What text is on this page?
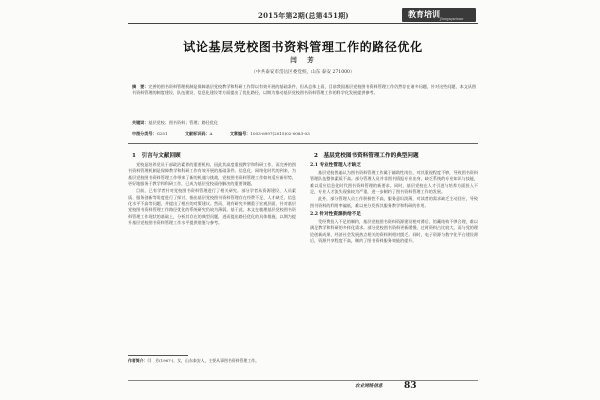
2015年第2期(总第451期)	教育培训 Jiaoyupeixun
试论基层党校图书资料管理工作的路径优化
闫　芳
（中共泰安市岱岳区委党校，山东 泰安 271000）
摘　要：完善的图书资料管理机制是保障基层党校教学和科研工作得以有效开展的基础条件，但从总体上看，目前我国基层党校图书资料管理工作仍然存在诸多问题，针对这些问题，本文从图书资料管理的制度建设、队伍建设、信息化建设等方面提出了优化路径，以期为推动基层党校图书资料管理工作的科学化发展提供参考。
关键词：基层党校；图书资料；管理；路径优化
中图分类号：G251	文献标识码：A	文章编号：1003-6997(2015)02-0083-03
1　引言与文献回顾

党校是培养党员干部政治素养的重要机构，因此其高度重视教学和科研工作，而完善的图书资料管理机制是保障教学和科研工作有效开展的基础条件。信息化、网络化时代的到来，为基层党校图书资料管理工作带来了新的机遇与挑战，党校图书资料管理工作如何适应新形势，更好地服务于教学和科研工作，已成为基层党校亟待解决的重要课题。

目前，已有学者针对党校图书资料管理进行了相关研究。部分学者从资源建设、人员素质、服务创新等角度进行了探讨，指出基层党校图书资料管理存在经费不足、人才缺乏、信息化水平不高等问题，并提出了相应的对策建议。然而，现有研究多侧重于宏观层面，针对基层党校图书资料管理工作路径优化的系统研究仍较为薄弱。基于此，本文在梳理基层党校图书资料管理工作现状的基础上，分析其存在的典型问题，进而提出路径优化的具体措施，以期为提升基层党校图书资料管理工作水平提供借鉴与参考。

2　基层党校图书资料管理工作的典型问题
2.1 专业性管理人才缺乏

基层党校普遍认为图书资料管理工作属于辅助性岗位，对其重视程度不够，导致图书资料管理队伍整体素质不高。部分管理人员并非图书情报专业出身，缺乏系统的专业知识与技能，难以适应信息化时代图书资料管理的新要求。同时，基层党校在人才引进与培养方面投入不足，专业人才流失现象较为严重，进一步制约了图书资料管理工作的发展。

此外，部分管理人员工作积极性不高，服务意识淡薄，对读者的需求缺乏主动回应，导致图书资料的利用率偏低，难以充分发挥其服务教学和科研的作用。

2.2 针对性资源供给不足

受经费投入不足的制约，基层党校图书资料资源建设相对滞后，馆藏结构不够合理，难以满足教学和科研的多样化需求。部分党校图书资料更新缓慢，过时资料占比较大，而与党的理论创新成果、经济社会发展热点相关的资料则相对匮乏。同时，电子资源与数字化平台建设滞后，资源共享程度不高，制约了图书资料服务效能的提升。

作者简介：闫　芳(1967-)，女，山东泰安人，主要从事图书资料管理工作。
农业网络信息 83
